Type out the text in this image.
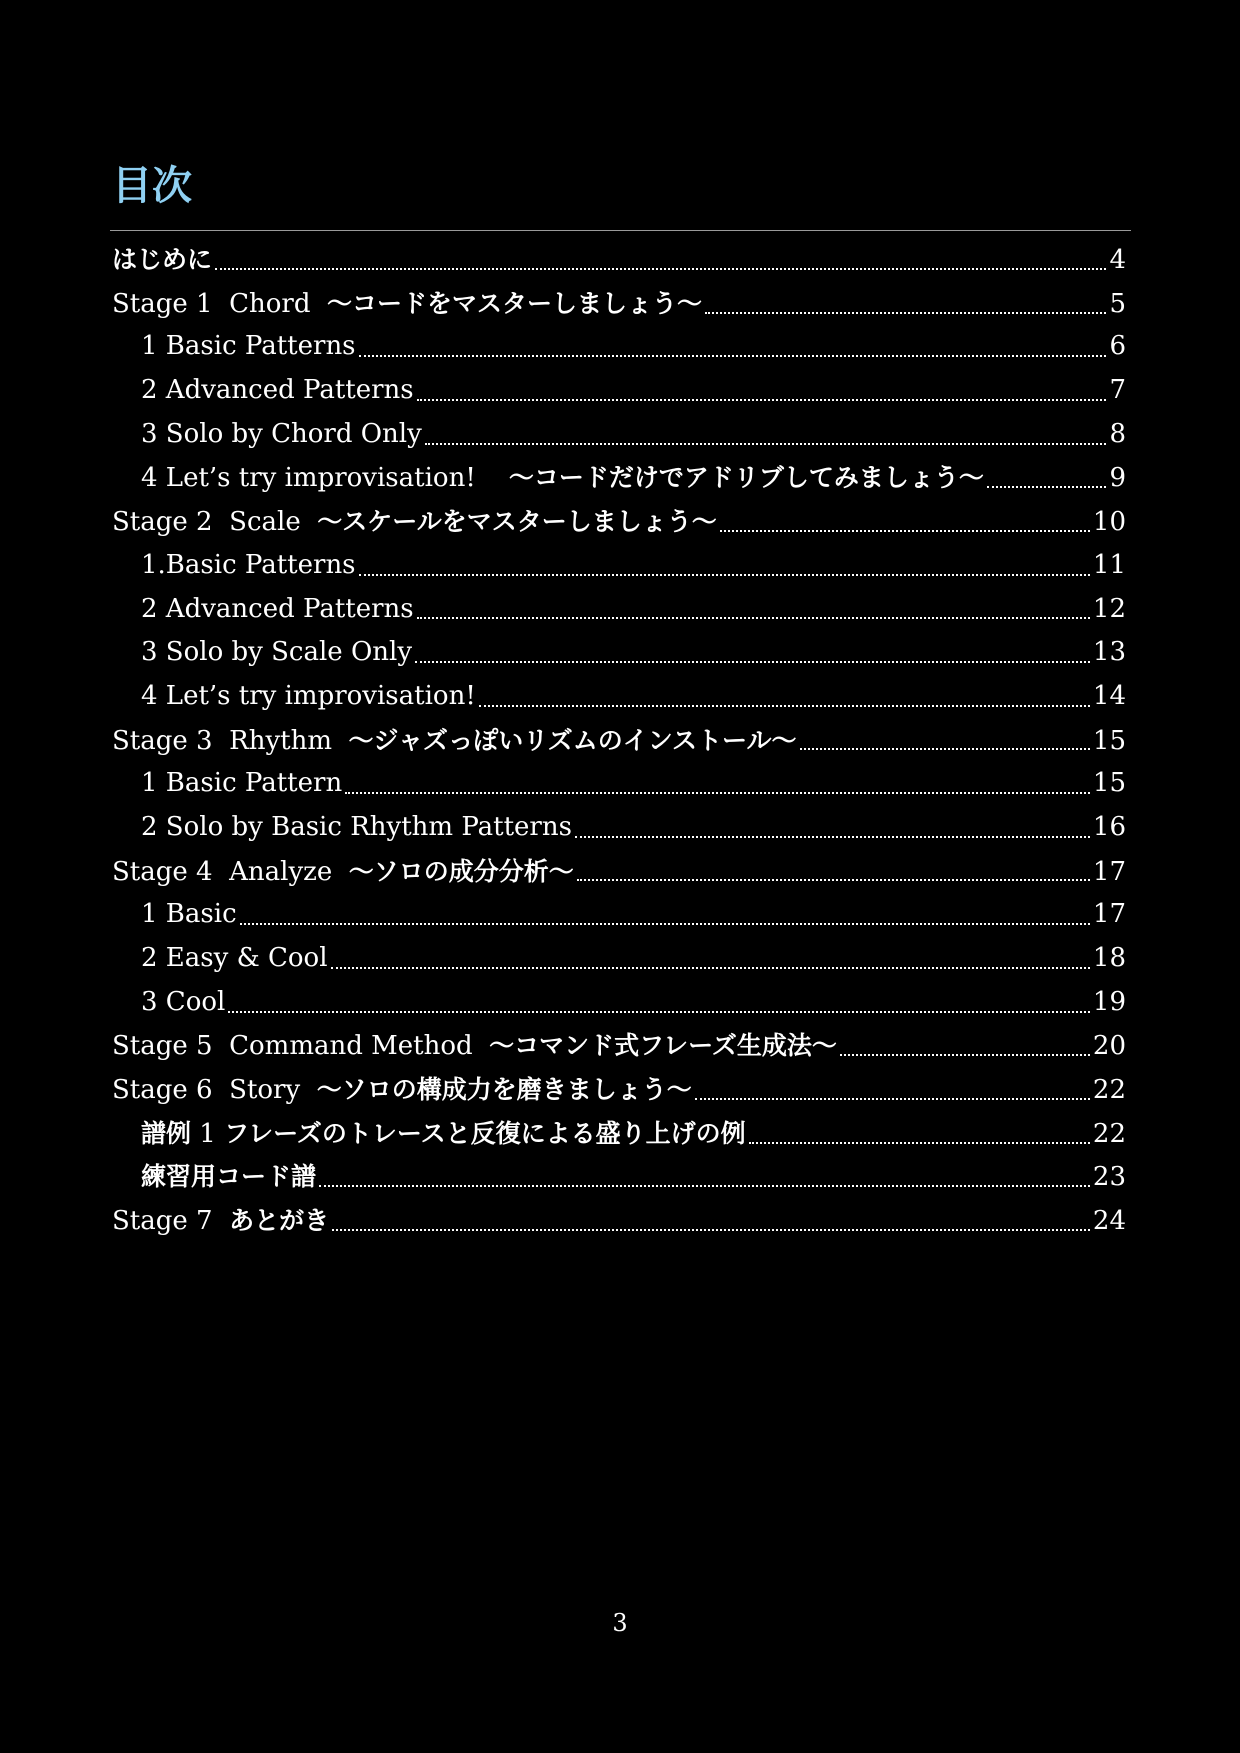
目次
はじめに	4
Stage 1  Chord  ～コードをマスターしましょう～	5
1 Basic Patterns	6
2 Advanced Patterns	7
3 Solo by Chord Only	8
4 Let’s try improvisation!    ～コードだけでアドリブしてみましょう～	9
Stage 2  Scale  ～スケールをマスターしましょう～	10
1.Basic Patterns	11
2 Advanced Patterns	12
3 Solo by Scale Only	13
4 Let’s try improvisation!	14
Stage 3  Rhythm  ～ジャズっぽいリズムのインストール～	15
1 Basic Pattern	15
2 Solo by Basic Rhythm Patterns	16
Stage 4  Analyze  ～ソロの成分分析～	17
1 Basic	17
2 Easy & Cool	18
3 Cool	19
Stage 5  Command Method  ～コマンド式フレーズ生成法～	20
Stage 6  Story  ～ソロの構成力を磨きましょう～	22
譜例 1 フレーズのトレースと反復による盛り上げの例	22
練習用コード譜	23
Stage 7  あとがき	24
3
